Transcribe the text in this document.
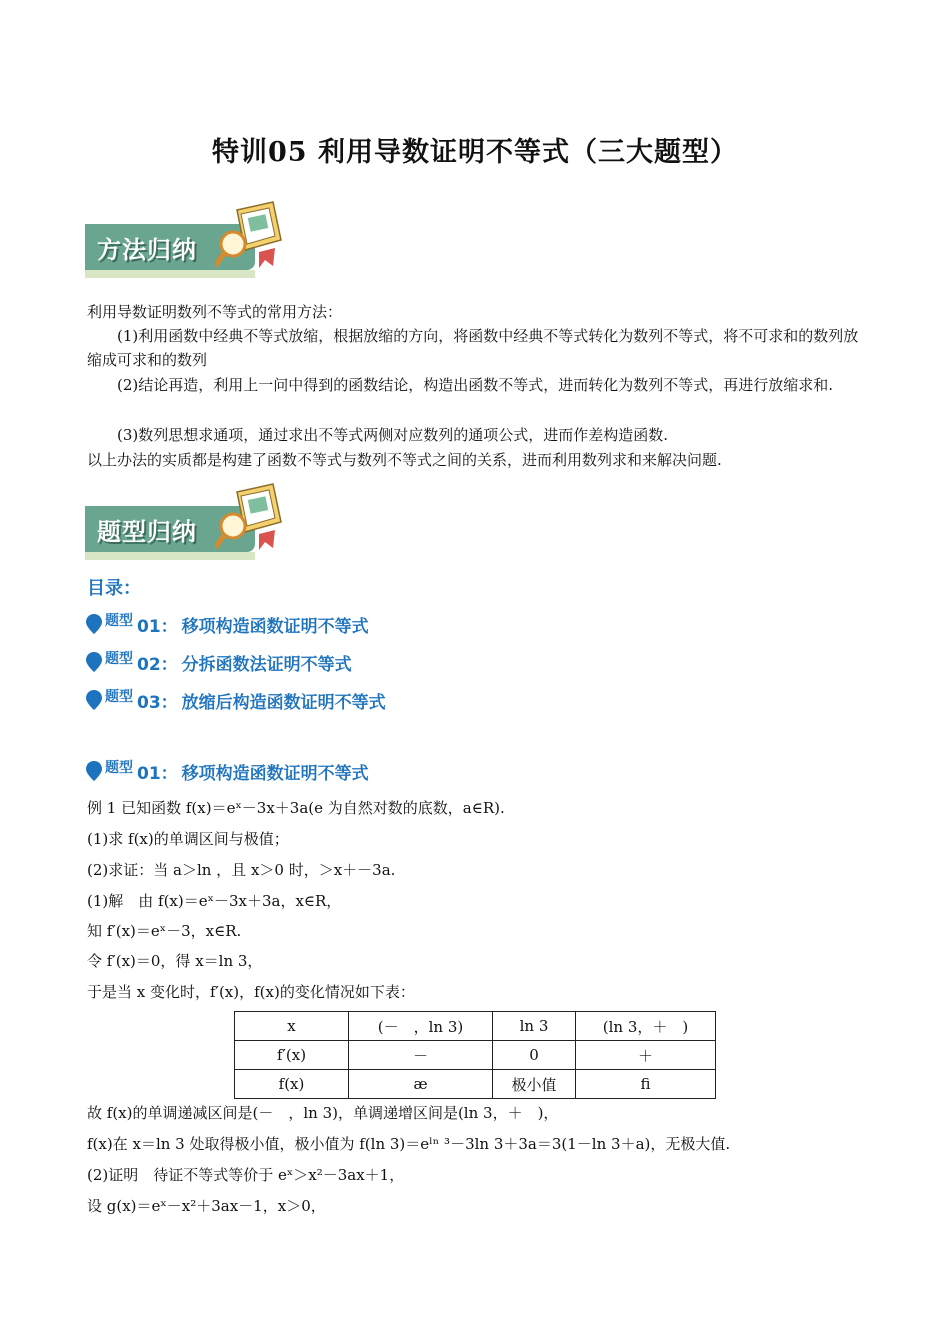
特训05 利用导数证明不等式（三大题型）
方法归纳
利用导数证明数列不等式的常用方法：
(1)利用函数中经典不等式放缩，根据放缩的方向，将函数中经典不等式转化为数列不等式，将不可求和的数列放缩成可求和的数列
(2)结论再造，利用上一问中得到的函数结论，构造出函数不等式，进而转化为数列不等式，再进行放缩求和.
(3)数列思想求通项，通过求出不等式两侧对应数列的通项公式，进而作差构造函数.
以上办法的实质都是构建了函数不等式与数列不等式之间的关系，进而利用数列求和来解决问题.
题型归纳
目录：
题型 01： 移项构造函数证明不等式
题型 02： 分拆函数法证明不等式
题型 03： 放缩后构造函数证明不等式
题型 01： 移项构造函数证明不等式
例 1 已知函数 f(x)＝eˣ－3x＋3a(e 为自然对数的底数，a∈R).
(1)求 f(x)的单调区间与极值；
(2)求证：当 a＞ln ，且 x＞0 时，＞x＋－3a.
(1)解　由 f(x)＝eˣ－3x＋3a，x∈R，
知 f′(x)＝eˣ－3，x∈R.
令 f′(x)＝0，得 x＝ln 3，
于是当 x 变化时，f′(x)，f(x)的变化情况如下表：
x	(－　，ln 3)	ln 3	(ln 3，＋　)
f′(x)	－	0	＋
f(x)	æ	极小值	ﬁ
故 f(x)的单调递减区间是(－　，ln 3)，单调递增区间是(ln 3，＋　)，
f(x)在 x＝ln 3 处取得极小值，极小值为 f(ln 3)＝eˡⁿ ³－3ln 3＋3a＝3(1－ln 3＋a)，无极大值.
(2)证明　待证不等式等价于 eˣ＞x²－3ax＋1，
设 g(x)＝eˣ－x²＋3ax－1，x＞0，
